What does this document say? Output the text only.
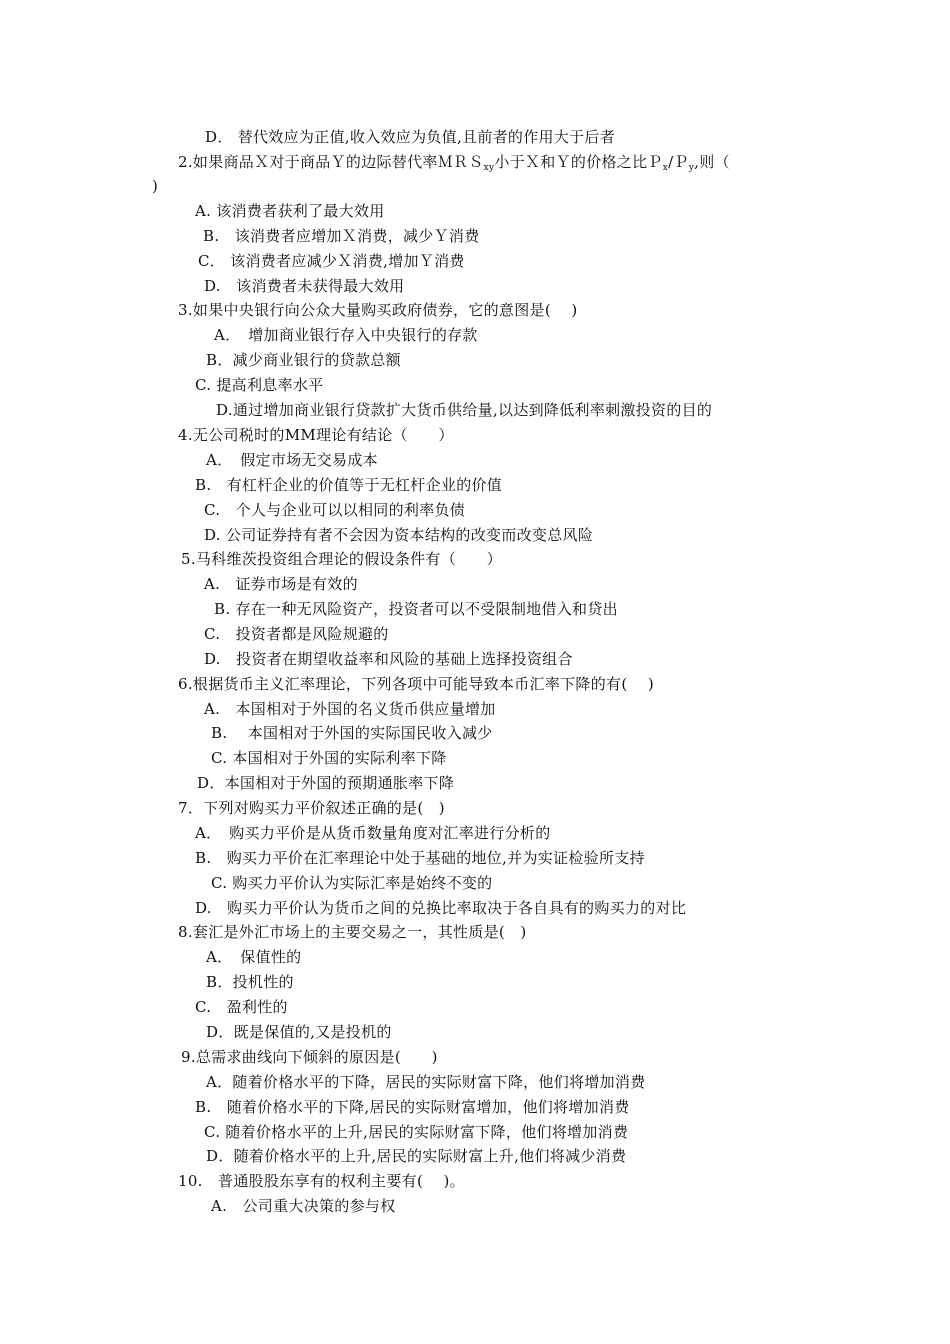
D． 替代效应为正值,收入效应为负值,且前者的作用大于后者
2.如果商品Ｘ对于商品Ｙ的边际替代率ＭＲＳ$_{xy}$小于Ｘ和Ｙ的价格之比Ｐ$_x$/Ｐ$_y$,则（
)
A. 该消费者获利了最大效用
B.　该消费者应增加Ｘ消费，减少Ｙ消费
C． 该消费者应减少Ｘ消费,增加Ｙ消费
D.　该消费者未获得最大效用
3.如果中央银行向公众大量购买政府债券，它的意图是(　 )
A．　增加商业银行存入中央银行的存款
B．减少商业银行的贷款总额
C. 提高利息率水平
D.通过增加商业银行贷款扩大货币供给量,以达到降低利率刺激投资的目的
4.无公司税时的MM理论有结论（　　）
A．　假定市场无交易成本
B.　有杠杆企业的价值等于无杠杆企业的价值
C.　个人与企业可以以相同的利率负债
D. 公司证券持有者不会因为资本结构的改变而改变总风险
5.马科维茨投资组合理论的假设条件有（　　）
A.　证券市场是有效的
B. 存在一种无风险资产，投资者可以不受限制地借入和贷出
C.　投资者都是风险规避的
D.　投资者在期望收益率和风险的基础上选择投资组合
6.根据货币主义汇率理论，下列各项中可能导致本币汇率下降的有(　 )
A.　本国相对于外国的名义货币供应量增加
B.　 本国相对于外国的实际国民收入减少
C. 本国相对于外国的实际利率下降
D．本国相对于外国的预期通胀率下降
7．下列对购买力平价叙述正确的是(　)
A．　购买力平价是从货币数量角度对汇率进行分析的
B.　购买力平价在汇率理论中处于基础的地位,并为实证检验所支持
C. 购买力平价认为实际汇率是始终不变的
D.　购买力平价认为货币之间的兑换比率取决于各自具有的购买力的对比
8.套汇是外汇市场上的主要交易之一，其性质是(　)
A．　保值性的
B．投机性的
C.　盈利性的
D．既是保值的,又是投机的
9.总需求曲线向下倾斜的原因是(　　)
A．随着价格水平的下降，居民的实际财富下降，他们将增加消费
B.　随着价格水平的下降,居民的实际财富增加，他们将增加消费
C. 随着价格水平的上升,居民的实际财富下降，他们将增加消费
D．随着价格水平的上升,居民的实际财富上升,他们将减少消费
10.　普通股股东享有的权利主要有(　 )。
A.　公司重大决策的参与权
